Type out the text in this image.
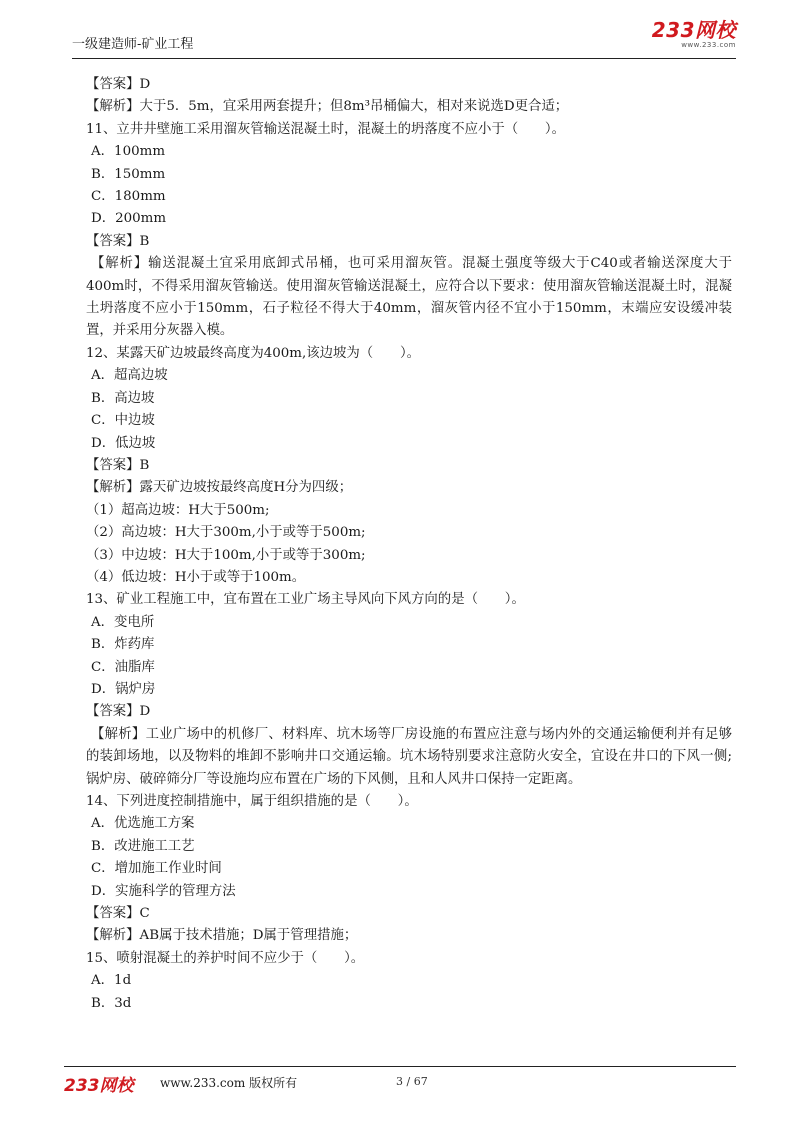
一级建造师-矿业工程
233网校
www.233.com
【答案】D
【解析】大于5．5m，宜采用两套提升；但8m³吊桶偏大，相对来说选D更合适；
11、立井井壁施工采用溜灰管输送混凝土时，混凝土的坍落度不应小于（　　）。
A．100mm
B．150mm
C．180mm
D．200mm
【答案】B
【解析】输送混凝土宜采用底卸式吊桶，也可采用溜灰管。混凝土强度等级大于C40或者输送深度大于400m时，不得采用溜灰管输送。使用溜灰管输送混凝土，应符合以下要求：使用溜灰管输送混凝土时，混凝土坍落度不应小于150mm，石子粒径不得大于40mm，溜灰管内径不宜小于150mm，末端应安设缓冲装置，并采用分灰器入模。
12、某露天矿边坡最终高度为400m,该边坡为（　　）。
A．超高边坡
B．高边坡
C．中边坡
D．低边坡
【答案】B
【解析】露天矿边坡按最终高度H分为四级；
（1）超高边坡：H大于500m;
（2）高边坡：H大于300m,小于或等于500m;
（3）中边坡：H大于100m,小于或等于300m;
（4）低边坡：H小于或等于100m。
13、矿业工程施工中，宜布置在工业广场主导风向下风方向的是（　　）。
A．变电所
B．炸药库
C．油脂库
D．锅炉房
【答案】D
【解析】工业广场中的机修厂、材料库、坑木场等厂房设施的布置应注意与场内外的交通运输便利并有足够的装卸场地，以及物料的堆卸不影响井口交通运输。坑木场特别要求注意防火安全，宜设在井口的下风一侧;锅炉房、破碎筛分厂等设施均应布置在广场的下风侧，且和人风井口保持一定距离。
14、下列进度控制措施中，属于组织措施的是（　　）。
A．优选施工方案
B．改进施工工艺
C．增加施工作业时间
D．实施科学的管理方法
【答案】C
【解析】AB属于技术措施；D属于管理措施；
15、喷射混凝土的养护时间不应少于（　　）。
A．1d
B．3d
233网校 www.233.com 版权所有	3 / 67
